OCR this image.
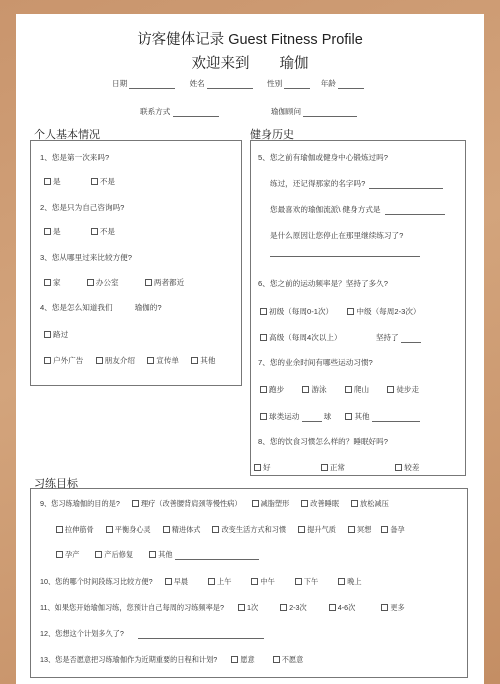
访客健体记录 Guest Fitness Profile
欢迎来到 瑜伽
日期	姓名	性别	年龄
联系方式	瑜伽顾问
个人基本情况
1、您是第一次来吗?
是	不是
2、您是只为自己咨询吗?
是	不是
3、您从哪里过来比较方便?
家	办公室	两者都近
4、您是怎么知道我们	瑜伽的?
路过
户外广告	朋友介绍	宣传单	其他
健身历史
5、您之前有瑜伽或健身中心锻炼过吗?
练过，还记得那家的名字吗?
您最喜欢的瑜伽流派\ 健身方式是
是什么原因让您停止在那里继续练习了?
6、您之前的运动频率是？坚持了多久?
初级（每周0-1次）	中级（每周2-3次）
高级（每周4次以上）	坚持了
7、您的业余时间有哪些运动习惯?
跑步	游泳	爬山	徒步走
球类运动	球	其他
8、您的饮食习惯怎么样的？睡眠好吗?
好	正常	较差
习练目标
9、您习练瑜伽的目的是?	理疗（改善腰背肩颈等慢性病）	减脂塑形	改善睡眠	放松减压
拉伸筋骨	平衡身心灵	精进体式	改变生活方式和习惯	提升气质	冥想	备孕
孕产	产后修复	其他
10、您的哪个时间段练习比较方便?	早晨	上午	中午	下午	晚上
11、如果您开始瑜伽习练，您预计自己每周的习练频率是?	1次	2-3次	4-6次	更多
12、您想这个计划多久了?
13、您是否愿意把习练瑜伽作为近期重要的日程和计划?	愿意	不愿意
